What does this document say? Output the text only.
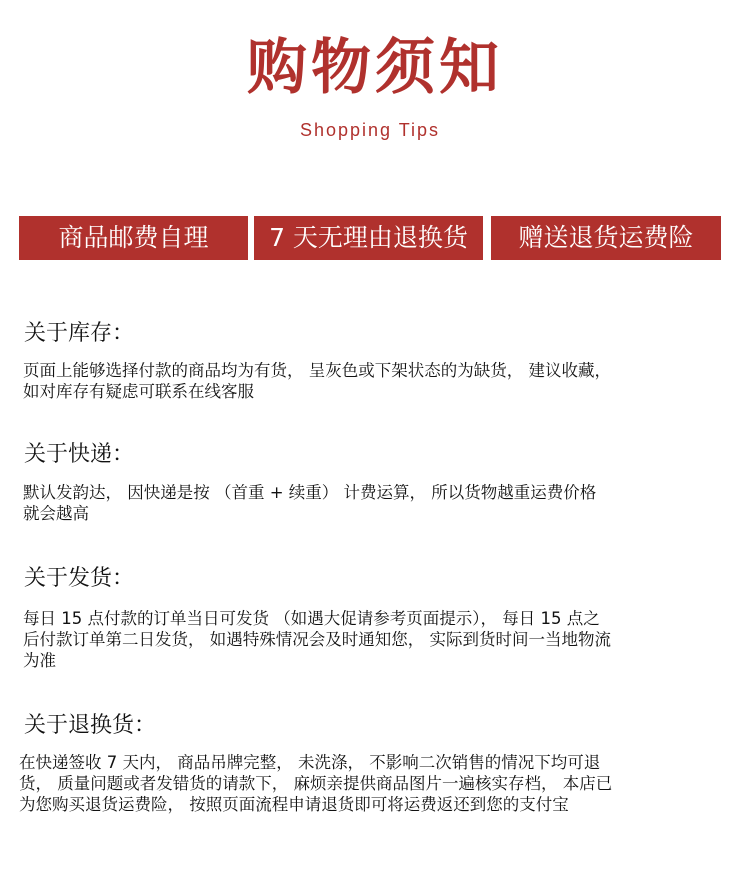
购物须知
Shopping Tips
商品邮费自理	7 天无理由退换货	赠送退货运费险
关于库存：
页面上能够选择付款的商品均为有货， 呈灰色或下架状态的为缺货， 建议收藏，
如对库存有疑虑可联系在线客服
关于快递：
默认发韵达， 因快递是按 （首重 + 续重） 计费运算， 所以货物越重运费价格
就会越高
关于发货：
每日 15 点付款的订单当日可发货 （如遇大促请参考页面提示）， 每日 15 点之
后付款订单第二日发货， 如遇特殊情况会及时通知您， 实际到货时间一当地物流
为准
关于退换货：
在快递签收 7 天内， 商品吊牌完整， 未洗涤， 不影响二次销售的情况下均可退
货， 质量问题或者发错货的请款下， 麻烦亲提供商品图片一遍核实存档， 本店已
为您购买退货运费险， 按照页面流程申请退货即可将运费返还到您的支付宝
